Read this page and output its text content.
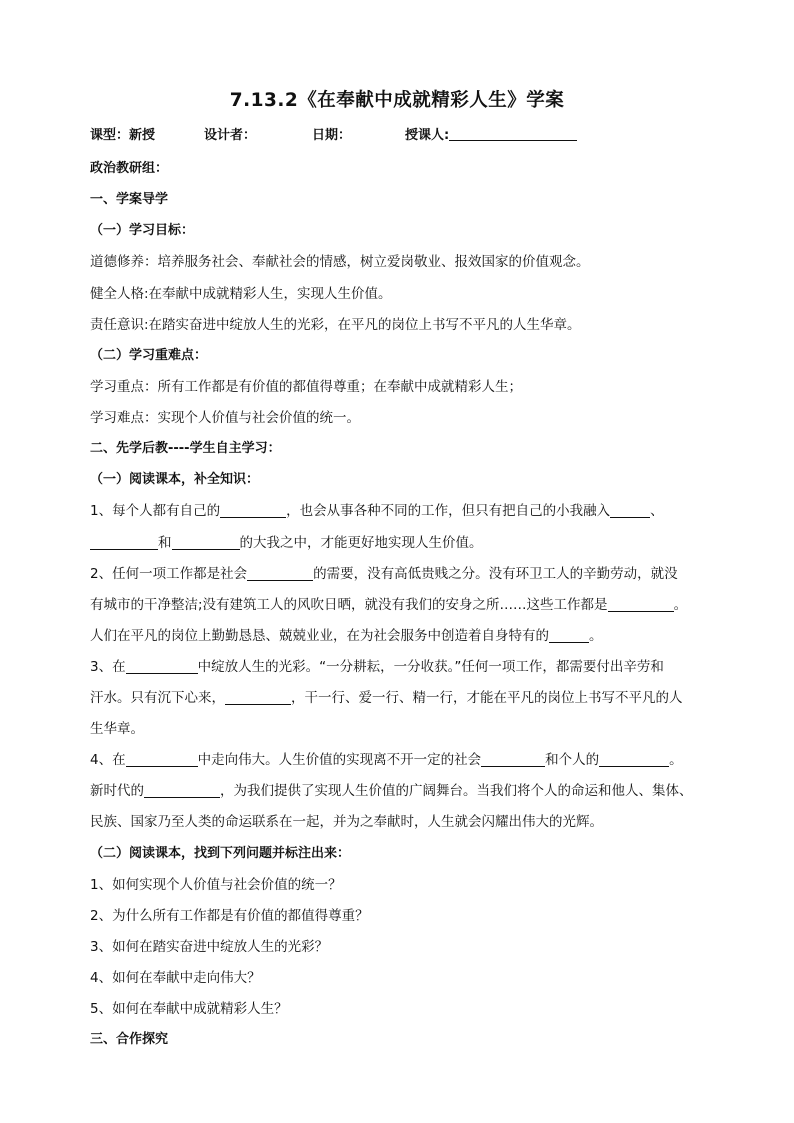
7.13.2《在奉献中成就精彩人生》学案
课型：新授	设计者：	日期：	授课人:
政治教研组：
一、学案导学
（一）学习目标：
道德修养：培养服务社会、奉献社会的情感，树立爱岗敬业、报效国家的价值观念。
健全人格:在奉献中成就精彩人生，实现人生价值。
责任意识:在踏实奋进中绽放人生的光彩，在平凡的岗位上书写不平凡的人生华章。
（二）学习重难点：
学习重点：所有工作都是有价值的都值得尊重；在奉献中成就精彩人生；
学习难点：实现个人价值与社会价值的统一。
二、先学后教----学生自主学习：
（一）阅读课本，补全知识：
1、每个人都有自己的	，也会从事各种不同的工作，但只有把自己的小我融入	、
和	的大我之中，才能更好地实现人生价值。
2、任何一项工作都是社会	的需要，没有高低贵贱之分。没有环卫工人的辛勤劳动，就没
有城市的干净整洁;没有建筑工人的风吹日晒，就没有我们的安身之所……这些工作都是	。
人们在平凡的岗位上勤勤恳恳、兢兢业业，在为社会服务中创造着自身特有的	。
3、在	中绽放人生的光彩。“一分耕耘，一分收获。”任何一项工作，都需要付出辛劳和
汗水。只有沉下心来，	，干一行、爱一行、精一行，才能在平凡的岗位上书写不平凡的人
生华章。
4、在	中走向伟大。人生价值的实现离不开一定的社会	和个人的	。
新时代的	，为我们提供了实现人生价值的广阔舞台。当我们将个人的命运和他人、集体、
民族、国家乃至人类的命运联系在一起，并为之奉献时，人生就会闪耀出伟大的光辉。
（二）阅读课本，找到下列问题并标注出来：
1、如何实现个人价值与社会价值的统一？
2、为什么所有工作都是有价值的都值得尊重？
3、如何在踏实奋进中绽放人生的光彩？
4、如何在奉献中走向伟大？
5、如何在奉献中成就精彩人生？
三、合作探究
